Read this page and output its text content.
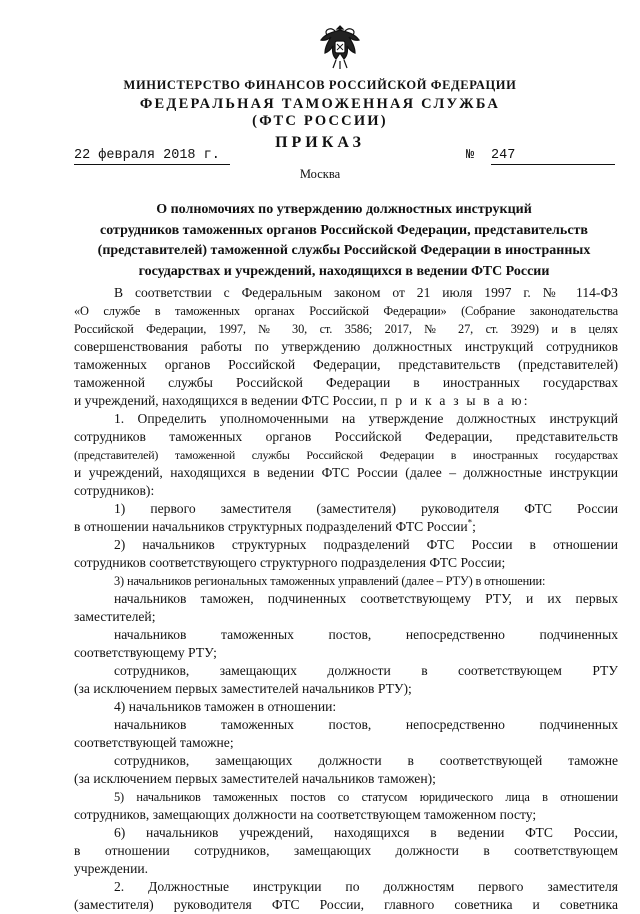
МИНИСТЕРСТВО ФИНАНСОВ РОССИЙСКОЙ ФЕДЕРАЦИИ
ФЕДЕРАЛЬНАЯ ТАМОЖЕННАЯ СЛУЖБА
(ФТС РОССИИ)
ПРИКАЗ
22 февраля 2018 г.	№ 247
Москва
О полномочиях по утверждению должностных инструкций
сотрудников таможенных органов Российской Федерации, представительств
(представителей) таможенной службы Российской Федерации в иностранных
государствах и учреждений, находящихся в ведении ФТС России
В соответствии с Федеральным законом от 21 июля 1997 г. № 114-ФЗ
«О службе в таможенных органах Российской Федерации» (Собрание законодательства
Российской Федерации, 1997, № 30, ст. 3586; 2017, № 27, ст. 3929) и в целях
совершенствования работы по утверждению должностных инструкций сотрудников
таможенных органов Российской Федерации, представительств (представителей)
таможенной службы Российской Федерации в иностранных государствах
и учреждений, находящихся в ведении ФТС России, п р и к а з ы в а ю:
1. Определить уполномоченными на утверждение должностных инструкций
сотрудников таможенных органов Российской Федерации, представительств
(представителей) таможенной службы Российской Федерации в иностранных государствах
и учреждений, находящихся в ведении ФТС России (далее – должностные инструкции
сотрудников):
1) первого заместителя (заместителя) руководителя ФТС России
в отношении начальников структурных подразделений ФТС России*;
2) начальников структурных подразделений ФТС России в отношении
сотрудников соответствующего структурного подразделения ФТС России;
3) начальников региональных таможенных управлений (далее – РТУ) в отношении:
начальников таможен, подчиненных соответствующему РТУ, и их первых
заместителей;
начальников таможенных постов, непосредственно подчиненных
соответствующему РТУ;
сотрудников, замещающих должности в соответствующем РТУ
(за исключением первых заместителей начальников РТУ);
4) начальников таможен в отношении:
начальников таможенных постов, непосредственно подчиненных
соответствующей таможне;
сотрудников, замещающих должности в соответствующей таможне
(за исключением первых заместителей начальников таможен);
5) начальников таможенных постов со статусом юридического лица в отношении
сотрудников, замещающих должности на соответствующем таможенном посту;
6) начальников учреждений, находящихся в ведении ФТС России,
в отношении сотрудников, замещающих должности в соответствующем
учреждении.
2. Должностные инструкции по должностям первого заместителя
(заместителя) руководителя ФТС России, главного советника и советника
